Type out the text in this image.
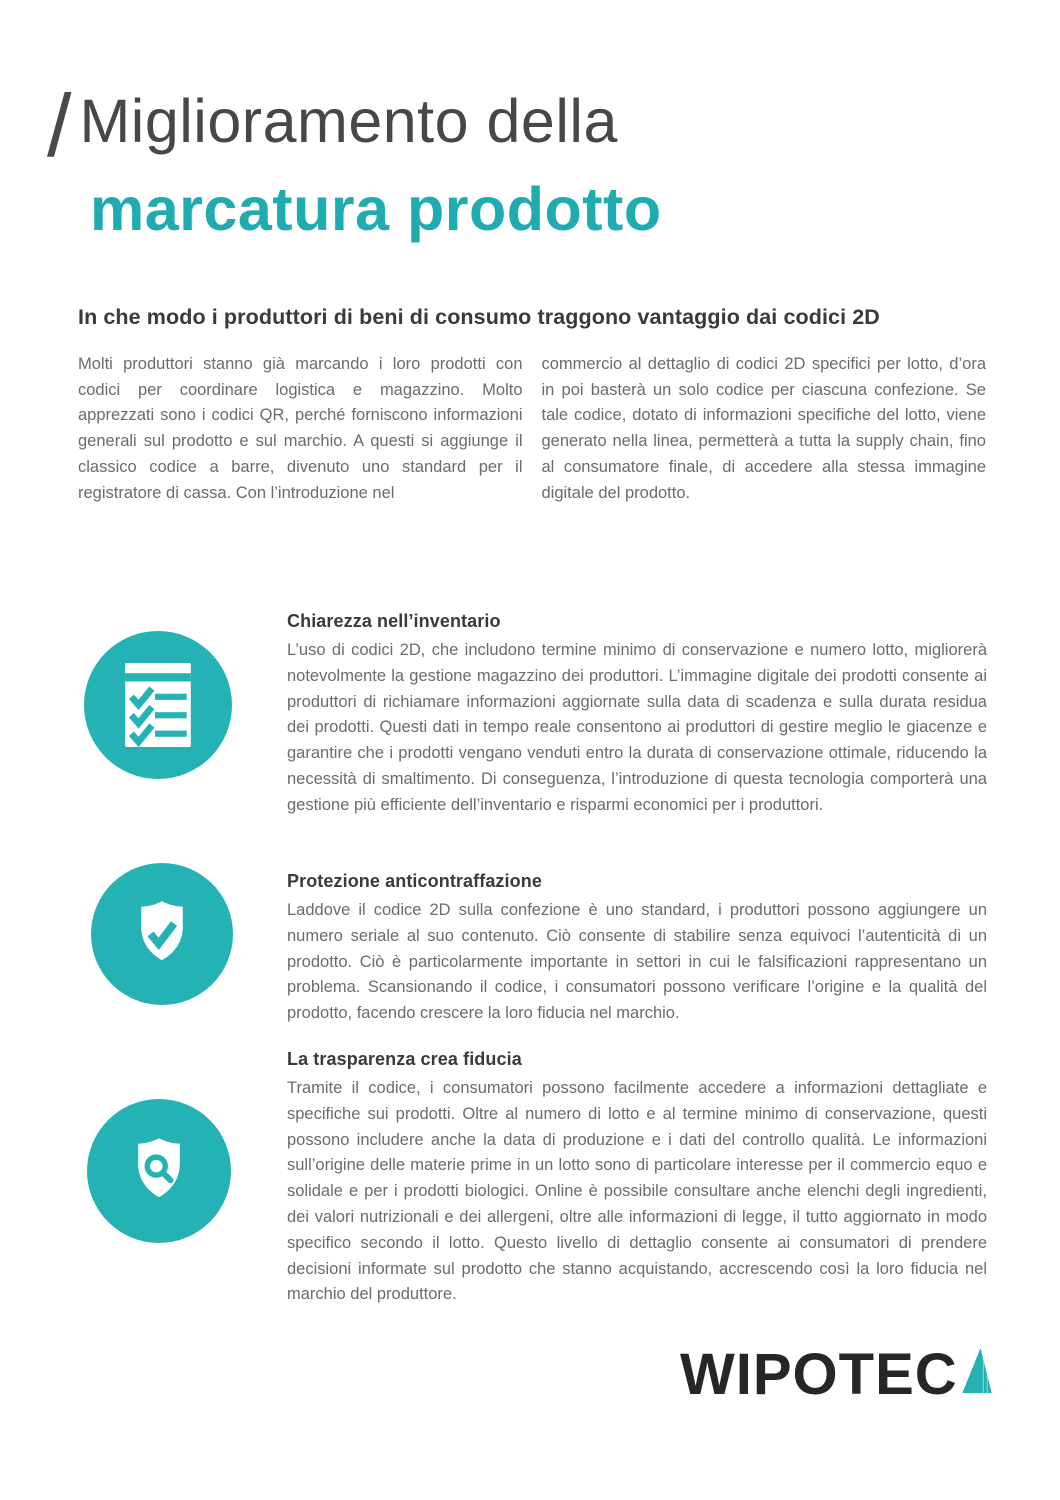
/ Miglioramento della
marcatura prodotto
In che modo i produttori di beni di consumo traggono vantaggio dai codici 2D
Molti produttori stanno già marcando i loro prodotti con codici per coordinare logistica e magazzino. Molto apprezzati sono i codici QR, perché forniscono informazioni generali sul prodotto e sul marchio. A questi si aggiunge il classico codice a barre, divenuto uno standard per il registratore di cassa. Con l’introduzione nel
commercio al dettaglio di codici 2D specifici per lotto, d’ora in poi basterà un solo codice per ciascuna confezione. Se tale codice, dotato di informazioni specifiche del lotto, viene generato nella linea, permetterà a tutta la supply chain, fino al consumatore finale, di accedere alla stessa immagine digitale del prodotto.
Chiarezza nell’inventario
L’uso di codici 2D, che includono termine minimo di conservazione e numero lotto, migliorerà notevolmente la gestione magazzino dei produttori. L’immagine digitale dei prodotti consente ai produttori di richiamare informazioni aggiornate sulla data di scadenza e sulla durata residua dei prodotti. Questi dati in tempo reale consentono ai produttori di gestire meglio le giacenze e garantire che i prodotti vengano venduti entro la durata di conservazione ottimale, riducendo la necessità di smaltimento. Di conseguenza, l’introduzione di questa tecnologia comporterà una gestione più efficiente dell’inventario e risparmi economici per i produttori.
Protezione anticontraffazione
Laddove il codice 2D sulla confezione è uno standard, i produttori possono aggiungere un numero seriale al suo contenuto. Ciò consente di stabilire senza equivoci l’autenticità di un prodotto. Ciò è particolarmente importante in settori in cui le falsificazioni rappresentano un problema. Scansionando il codice, i consumatori possono verificare l’origine e la qualità del prodotto, facendo crescere la loro fiducia nel marchio.
La trasparenza crea fiducia
Tramite il codice, i consumatori possono facilmente accedere a informazioni dettagliate e specifiche sui prodotti. Oltre al numero di lotto e al termine minimo di conservazione, questi possono includere anche la data di produzione e i dati del controllo qualità. Le informazioni sull’origine delle materie prime in un lotto sono di particolare interesse per il commercio equo e solidale e per i prodotti biologici. Online è possibile consultare anche elenchi degli ingredienti, dei valori nutrizionali e dei allergeni, oltre alle informazioni di legge, il tutto aggiornato in modo specifico secondo il lotto. Questo livello di dettaglio consente ai consumatori di prendere decisioni informate sul prodotto che stanno acquistando, accrescendo così la loro fiducia nel marchio del produttore.
WIPOTEC
